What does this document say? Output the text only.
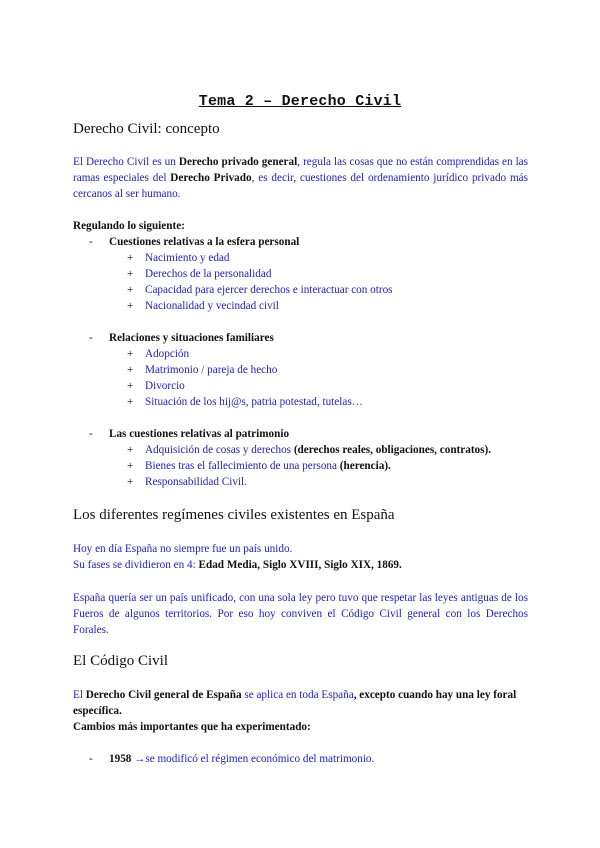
Tema 2 – Derecho Civil
Derecho Civil: concepto
El Derecho Civil es un Derecho privado general, regula las cosas que no están comprendidas en las ramas especiales del Derecho Privado, es decir, cuestiones del ordenamiento jurídico privado más cercanos al ser humano.
Regulando lo siguiente:
- Cuestiones relativas a la esfera personal
+ Nacimiento y edad
+ Derechos de la personalidad
+ Capacidad para ejercer derechos e interactuar con otros
+ Nacionalidad y vecindad civil
- Relaciones y situaciones familiares
+ Adopción
+ Matrimonio / pareja de hecho
+ Divorcio
+ Situación de los hij@s, patria potestad, tutelas…
- Las cuestiones relativas al patrimonio
+ Adquisición de cosas y derechos (derechos reales, obligaciones, contratos).
+ Bienes tras el fallecimiento de una persona (herencia).
+ Responsabilidad Civil.
Los diferentes regímenes civiles existentes en España
Hoy en día España no siempre fue un país unido.
Su fases se dividieron en 4: Edad Media, Siglo XVIII, Siglo XIX, 1869.
España quería ser un país unificado, con una sola ley pero tuvo que respetar las leyes antiguas de los Fueros de algunos territorios. Por eso hoy conviven el Código Civil general con los Derechos Forales.
El Código Civil
El Derecho Civil general de España se aplica en toda España, excepto cuando hay una ley foral específica.
Cambios más importantes que ha experimentado:
- 1958 →se modificó el régimen económico del matrimonio.
